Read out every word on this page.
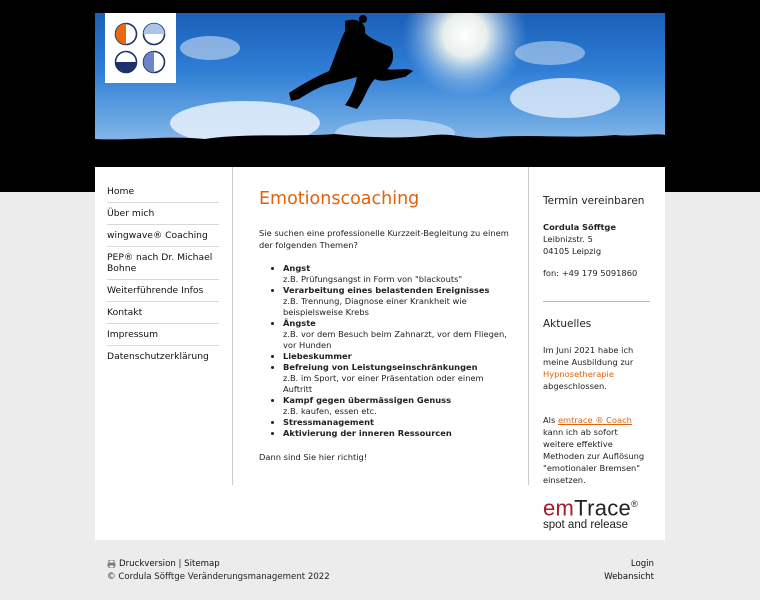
Home
Über mich
wingwave® Coaching
PEP® nach Dr. Michael Bohne
Weiterführende Infos
Kontakt
Impressum
Datenschutzerklärung
Emotionscoaching

Sie suchen eine professionelle Kurzzeit-Begleitung zu einem der folgenden Themen?

• Angst
z.B. Prüfungsangst in Form von "blackouts"
• Verarbeitung eines belastenden Ereignisses
z.B. Trennung, Diagnose einer Krankheit wie beispielsweise Krebs
• Ängste
z.B. vor dem Besuch beim Zahnarzt, vor dem Fliegen, vor Hunden
• Liebeskummer
• Befreiung von Leistungseinschränkungen
z.B. im Sport, vor einer Präsentation oder einem Auftritt
• Kampf gegen übermässigen Genuss
z.B. kaufen, essen etc.
• Stressmanagement
• Aktivierung der inneren Ressourcen

Dann sind Sie hier richtig!

Termin vereinbaren

Cordula Söfftge
Leibnizstr. 5
04105 Leipzig

fon: +49 179 5091860

Aktuelles

Im Juni 2021 habe ich meine Ausbildung zur Hypnosetherapie abgeschlossen.

Als emtrace ® Coach kann ich ab sofort weitere effektive Methoden zur Auflösung "emotionaler Bremsen" einsetzen.

emTrace®
spot and release
Druckversion | Sitemap
© Cordula Söfftge Veränderungsmanagement 2022
Login
Webansicht
